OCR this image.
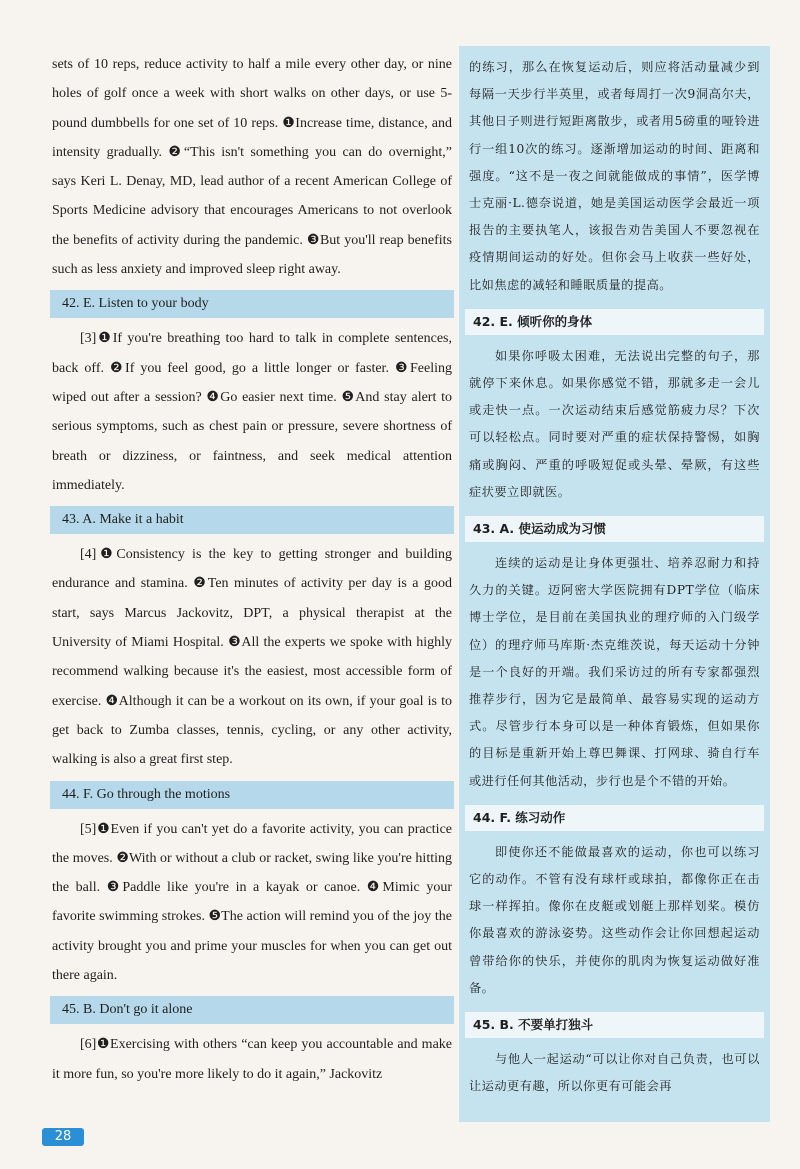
sets of 10 reps, reduce activity to half a mile every other day, or nine holes of golf once a week with short walks on other days, or use 5-pound dumbbells for one set of 10 reps. ❶Increase time, distance, and intensity gradually. ❷“This isn't something you can do overnight,” says Keri L. Denay, MD, lead author of a recent American College of Sports Medicine advisory that encourages Americans to not overlook the benefits of activity during the pandemic. ❸But you'll reap benefits such as less anxiety and improved sleep right away.

42. E. Listen to your body

[3]❶If you're breathing too hard to talk in complete sentences, back off. ❷If you feel good, go a little longer or faster. ❸Feeling wiped out after a session? ❹Go easier next time. ❺And stay alert to serious symptoms, such as chest pain or pressure, severe shortness of breath or dizziness, or faintness, and seek medical attention immediately.

43. A. Make it a habit

[4]❶Consistency is the key to getting stronger and building endurance and stamina. ❷Ten minutes of activity per day is a good start, says Marcus Jackovitz, DPT, a physical therapist at the University of Miami Hospital. ❸All the experts we spoke with highly recommend walking because it's the easiest, most accessible form of exercise. ❹Although it can be a workout on its own, if your goal is to get back to Zumba classes, tennis, cycling, or any other activity, walking is also a great first step.

44. F. Go through the motions

[5]❶Even if you can't yet do a favorite activity, you can practice the moves. ❷With or without a club or racket, swing like you're hitting the ball. ❸Paddle like you're in a kayak or canoe. ❹Mimic your favorite swimming strokes. ❺The action will remind you of the joy the activity brought you and prime your muscles for when you can get out there again.

45. B. Don't go it alone

[6]❶Exercising with others “can keep you accountable and make it more fun, so you're more likely to do it again,” Jackovitz

的练习，那么在恢复运动后，则应将活动量减少到每隔一天步行半英里，或者每周打一次9洞高尔夫，其他日子则进行短距离散步，或者用5磅重的哑铃进行一组10次的练习。逐渐增加运动的时间、距离和强度。“这不是一夜之间就能做成的事情”，医学博士克丽·L.德奈说道，她是美国运动医学会最近一项报告的主要执笔人，该报告劝告美国人不要忽视在疫情期间运动的好处。但你会马上收获一些好处，比如焦虑的减轻和睡眠质量的提高。

42. E. 倾听你的身体

如果你呼吸太困难，无法说出完整的句子，那就停下来休息。如果你感觉不错，那就多走一会儿或走快一点。一次运动结束后感觉筋疲力尽？下次可以轻松点。同时要对严重的症状保持警惕，如胸痛或胸闷、严重的呼吸短促或头晕、晕厥，有这些症状要立即就医。

43. A. 使运动成为习惯

连续的运动是让身体更强壮、培养忍耐力和持久力的关键。迈阿密大学医院拥有DPT学位（临床博士学位，是目前在美国执业的理疗师的入门级学位）的理疗师马库斯·杰克维茨说，每天运动十分钟是一个良好的开端。我们采访过的所有专家都强烈推荐步行，因为它是最简单、最容易实现的运动方式。尽管步行本身可以是一种体育锻炼，但如果你的目标是重新开始上尊巴舞课、打网球、骑自行车或进行任何其他活动，步行也是个不错的开始。

44. F. 练习动作

即使你还不能做最喜欢的运动，你也可以练习它的动作。不管有没有球杆或球拍，都像你正在击球一样挥拍。像你在皮艇或划艇上那样划桨。模仿你最喜欢的游泳姿势。这些动作会让你回想起运动曾带给你的快乐，并使你的肌肉为恢复运动做好准备。

45. B. 不要单打独斗

与他人一起运动“可以让你对自己负责，也可以让运动更有趣，所以你更有可能会再

28
